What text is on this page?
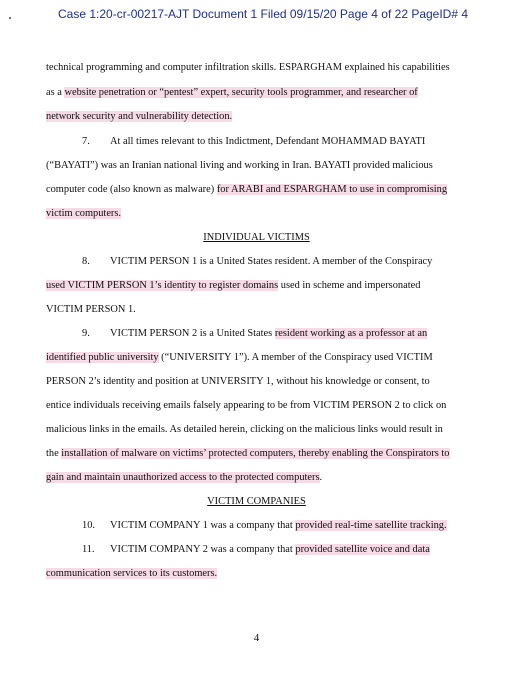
Case 1:20-cr-00217-AJT Document 1 Filed 09/15/20 Page 4 of 22 PageID# 4
technical programming and computer infiltration skills. ESPARGHAM explained his capabilities
as a website penetration or “pentest” expert, security tools programmer, and researcher of
network security and vulnerability detection.
7. At all times relevant to this Indictment, Defendant MOHAMMAD BAYATI
(“BAYATI”) was an Iranian national living and working in Iran. BAYATI provided malicious
computer code (also known as malware) for ARABI and ESPARGHAM to use in compromising
victim computers.
INDIVIDUAL VICTIMS
8. VICTIM PERSON 1 is a United States resident. A member of the Conspiracy
used VICTIM PERSON 1’s identity to register domains used in scheme and impersonated
VICTIM PERSON 1.
9. VICTIM PERSON 2 is a United States resident working as a professor at an
identified public university (“UNIVERSITY 1”). A member of the Conspiracy used VICTIM
PERSON 2’s identity and position at UNIVERSITY 1, without his knowledge or consent, to
entice individuals receiving emails falsely appearing to be from VICTIM PERSON 2 to click on
malicious links in the emails. As detailed herein, clicking on the malicious links would result in
the installation of malware on victims’ protected computers, thereby enabling the Conspirators to
gain and maintain unauthorized access to the protected computers.
VICTIM COMPANIES
10. VICTIM COMPANY 1 was a company that provided real-time satellite tracking.
11. VICTIM COMPANY 2 was a company that provided satellite voice and data
communication services to its customers.
4
